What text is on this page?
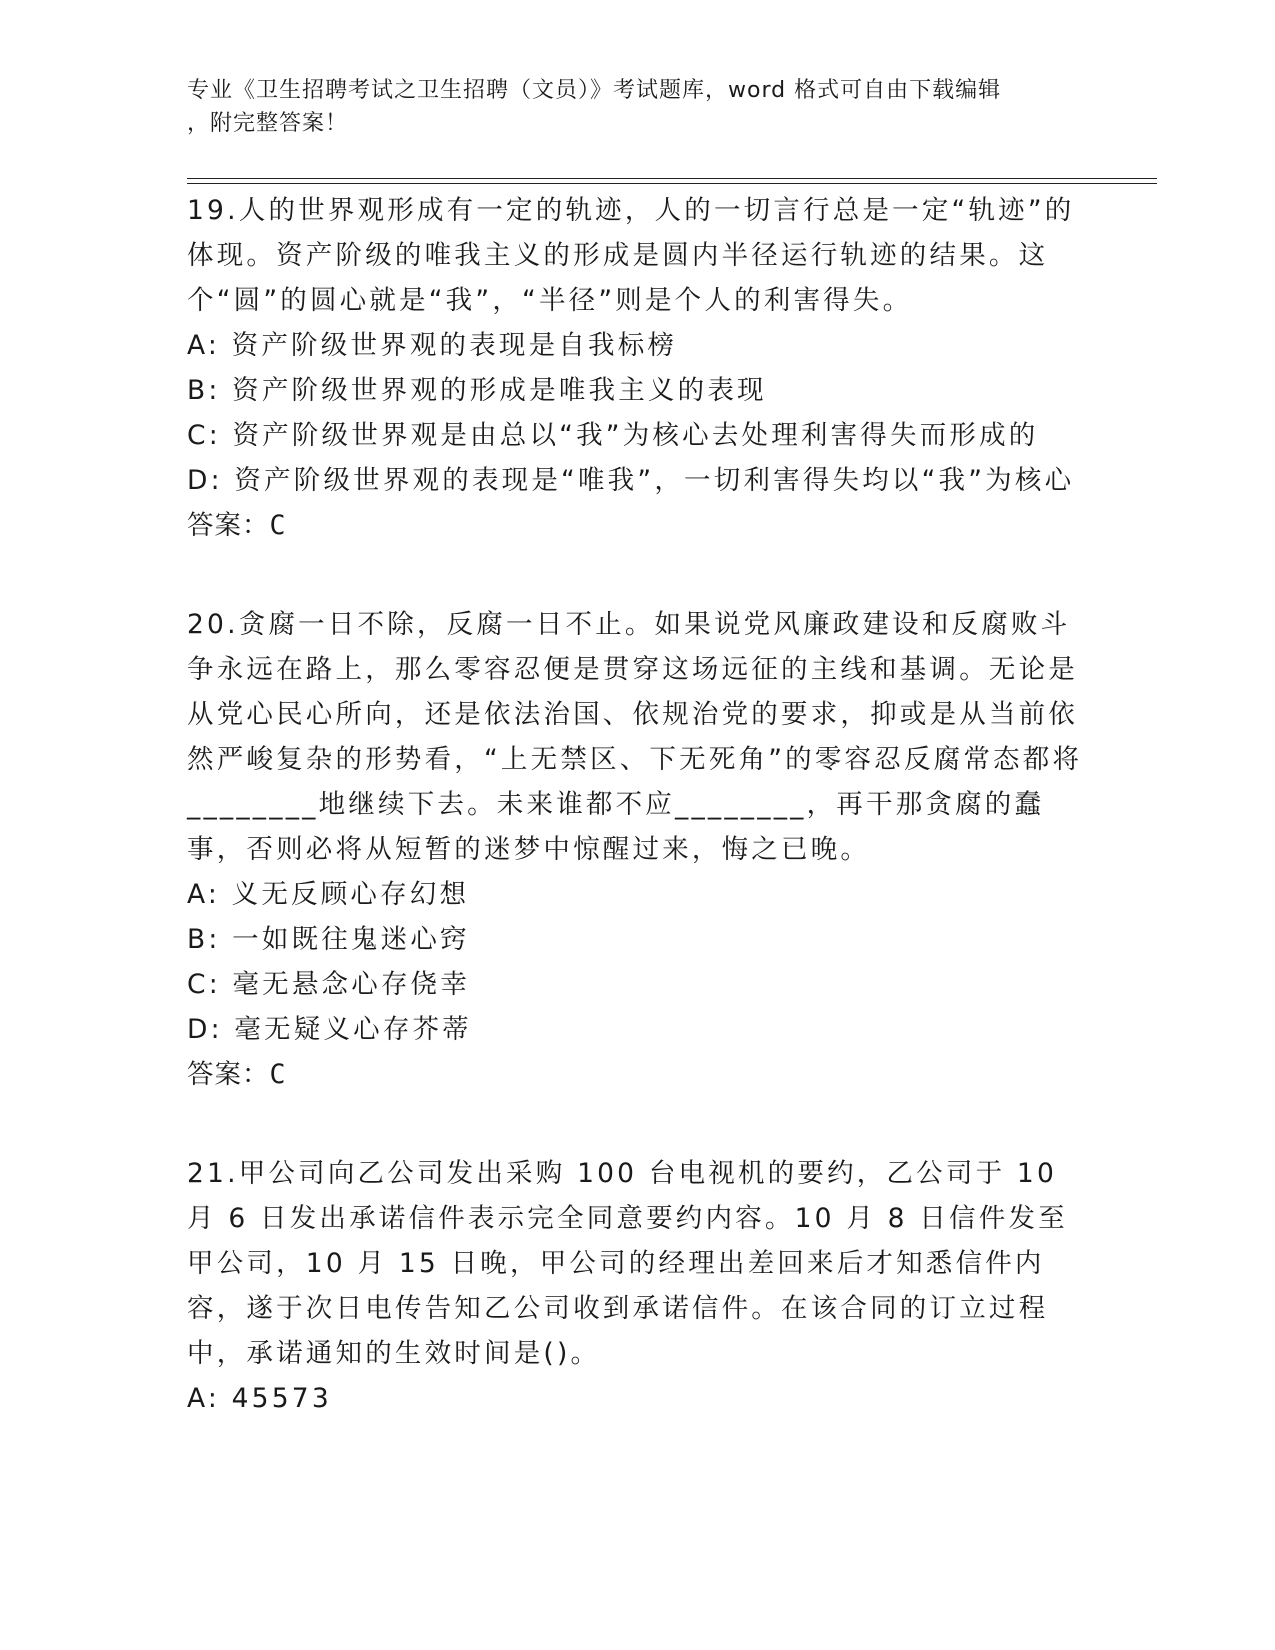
专业《卫生招聘考试之卫生招聘（文员）》考试题库，word 格式可自由下载编辑
，附完整答案！
19.人的世界观形成有一定的轨迹，人的一切言行总是一定“轨迹”的体现。资产阶级的唯我主义的形成是圆内半径运行轨迹的结果。这个“圆”的圆心就是“我”，“半径”则是个人的利害得失。
A: 资产阶级世界观的表现是自我标榜
B: 资产阶级世界观的形成是唯我主义的表现
C: 资产阶级世界观是由总以“我”为核心去处理利害得失而形成的
D: 资产阶级世界观的表现是“唯我”，一切利害得失均以“我”为核心
答案：C
20.贪腐一日不除，反腐一日不止。如果说党风廉政建设和反腐败斗争永远在路上，那么零容忍便是贯穿这场远征的主线和基调。无论是从党心民心所向，还是依法治国、依规治党的要求，抑或是从当前依然严峻复杂的形势看，“上无禁区、下无死角”的零容忍反腐常态都将________地继续下去。未来谁都不应________，再干那贪腐的蠢事，否则必将从短暂的迷梦中惊醒过来，悔之已晚。
A: 义无反顾心存幻想
B: 一如既往鬼迷心窍
C: 毫无悬念心存侥幸
D: 毫无疑义心存芥蒂
答案：C
21.甲公司向乙公司发出采购 100 台电视机的要约，乙公司于 10 月 6 日发出承诺信件表示完全同意要约内容。10 月 8 日信件发至甲公司，10 月 15 日晚，甲公司的经理出差回来后才知悉信件内容，遂于次日电传告知乙公司收到承诺信件。在该合同的订立过程中，承诺通知的生效时间是()。
A: 45573
